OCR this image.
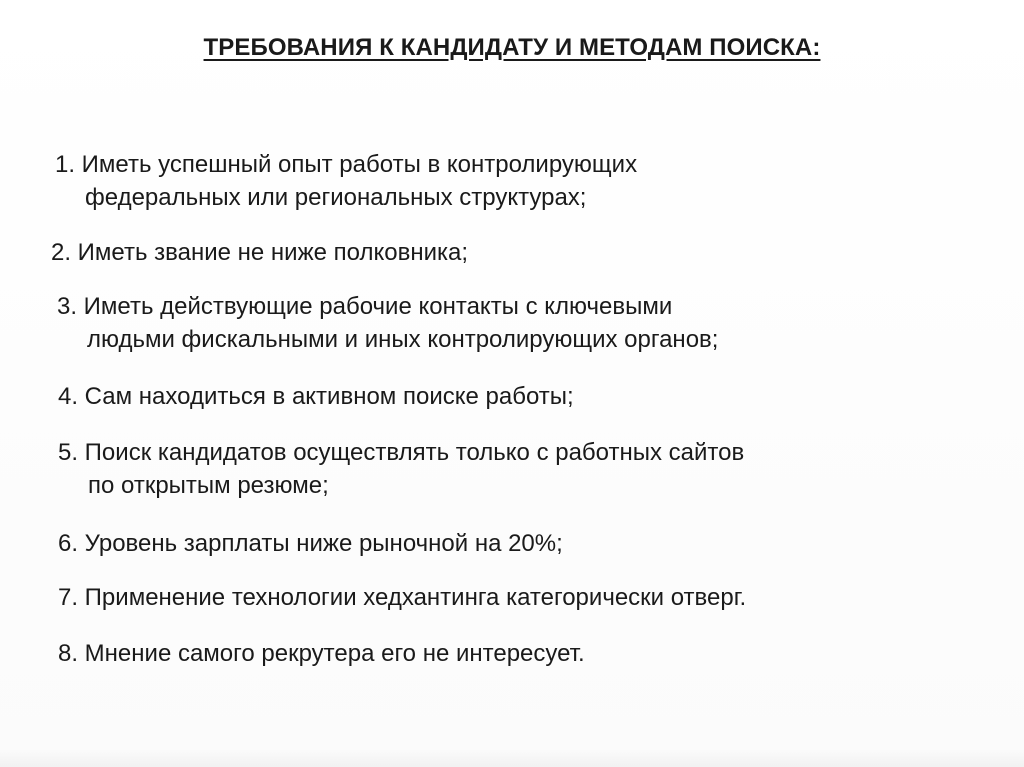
ТРЕБОВАНИЯ К КАНДИДАТУ И МЕТОДАМ ПОИСКА:
1. Иметь успешный опыт работы в контролирующих
федеральных или региональных структурах;
2. Иметь звание не ниже полковника;
3. Иметь действующие рабочие контакты с ключевыми
людьми фискальными и иных контролирующих органов;
4. Сам находиться в активном поиске работы;
5. Поиск кандидатов осуществлять только с работных сайтов
по открытым резюме;
6. Уровень зарплаты ниже рыночной на 20%;
7. Применение технологии хедхантинга категорически отверг.
8. Мнение самого рекрутера его не интересует.
